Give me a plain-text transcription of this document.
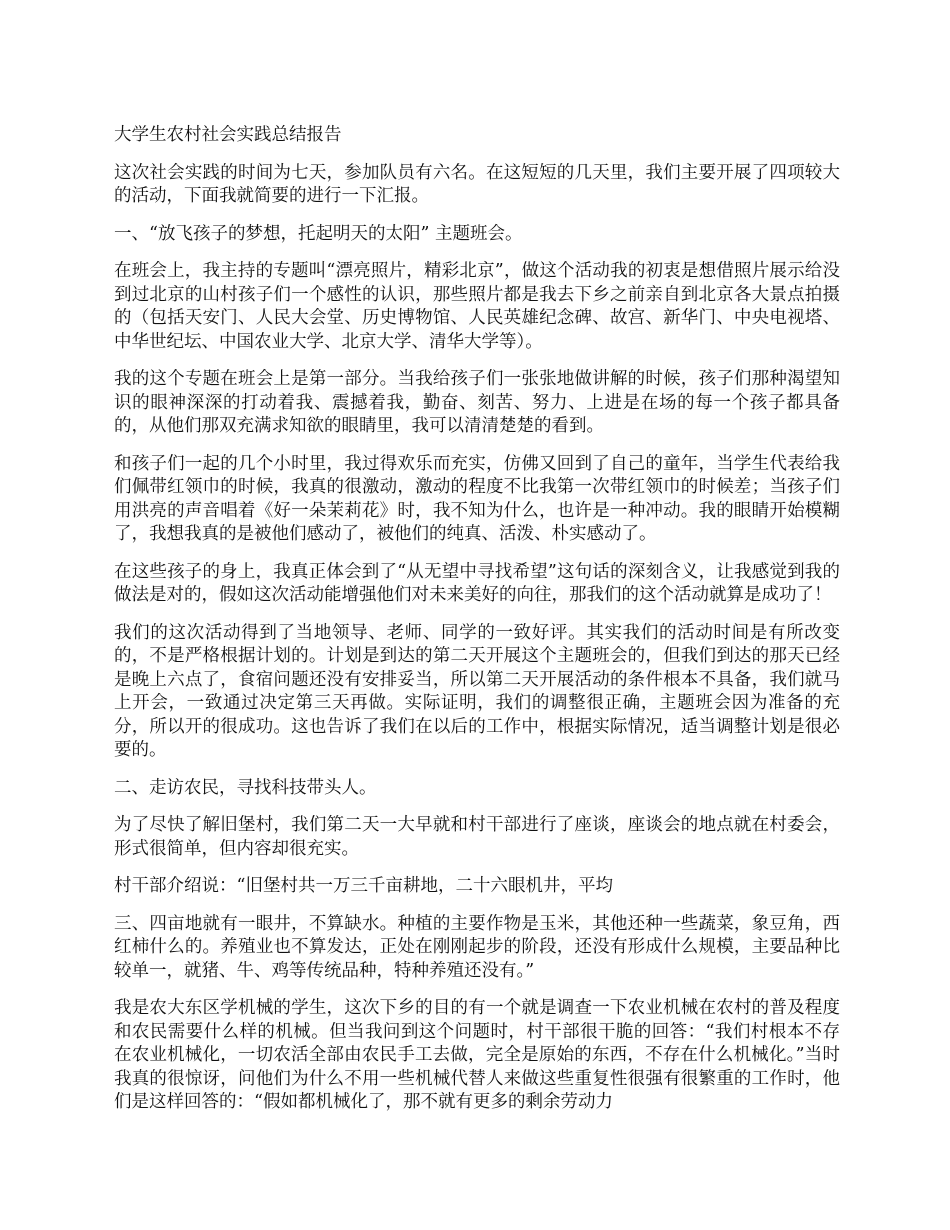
大学生农村社会实践总结报告

这次社会实践的时间为七天，参加队员有六名。在这短短的几天里，我们主要开展了四项较大的活动，下面我就简要的进行一下汇报。

一、“放飞孩子的梦想，托起明天的太阳” 主题班会。

在班会上，我主持的专题叫“漂亮照片，精彩北京”，做这个活动我的初衷是想借照片展示给没到过北京的山村孩子们一个感性的认识，那些照片都是我去下乡之前亲自到北京各大景点拍摄的（包括天安门、人民大会堂、历史博物馆、人民英雄纪念碑、故宫、新华门、中央电视塔、中华世纪坛、中国农业大学、北京大学、清华大学等）。

我的这个专题在班会上是第一部分。当我给孩子们一张张地做讲解的时候，孩子们那种渴望知识的眼神深深的打动着我、震撼着我，勤奋、刻苦、努力、上进是在场的每一个孩子都具备的，从他们那双充满求知欲的眼睛里，我可以清清楚楚的看到。

和孩子们一起的几个小时里，我过得欢乐而充实，仿佛又回到了自己的童年，当学生代表给我们佩带红领巾的时候，我真的很激动，激动的程度不比我第一次带红领巾的时候差；当孩子们用洪亮的声音唱着《好一朵茉莉花》时，我不知为什么，也许是一种冲动。我的眼睛开始模糊了，我想我真的是被他们感动了，被他们的纯真、活泼、朴实感动了。

在这些孩子的身上，我真正体会到了“从无望中寻找希望”这句话的深刻含义，让我感觉到我的做法是对的，假如这次活动能增强他们对未来美好的向往，那我们的这个活动就算是成功了！

我们的这次活动得到了当地领导、老师、同学的一致好评。其实我们的活动时间是有所改变的，不是严格根据计划的。计划是到达的第二天开展这个主题班会的，但我们到达的那天已经是晚上六点了，食宿问题还没有安排妥当，所以第二天开展活动的条件根本不具备，我们就马上开会，一致通过决定第三天再做。实际证明，我们的调整很正确，主题班会因为准备的充分，所以开的很成功。这也告诉了我们在以后的工作中，根据实际情况，适当调整计划是很必要的。

二、走访农民，寻找科技带头人。

为了尽快了解旧堡村，我们第二天一大早就和村干部进行了座谈，座谈会的地点就在村委会，形式很简单，但内容却很充实。

村干部介绍说：“旧堡村共一万三千亩耕地，二十六眼机井，平均

三、四亩地就有一眼井，不算缺水。种植的主要作物是玉米，其他还种一些蔬菜，象豆角，西红柿什么的。养殖业也不算发达，正处在刚刚起步的阶段，还没有形成什么规模，主要品种比较单一，就猪、牛、鸡等传统品种，特种养殖还没有。”

我是农大东区学机械的学生，这次下乡的目的有一个就是调查一下农业机械在农村的普及程度和农民需要什么样的机械。但当我问到这个问题时，村干部很干脆的回答：“我们村根本不存在农业机械化，一切农活全部由农民手工去做，完全是原始的东西，不存在什么机械化。”当时我真的很惊讶，问他们为什么不用一些机械代替人来做这些重复性很强有很繁重的工作时，他们是这样回答的：“假如都机械化了，那不就有更多的剩余劳动力
